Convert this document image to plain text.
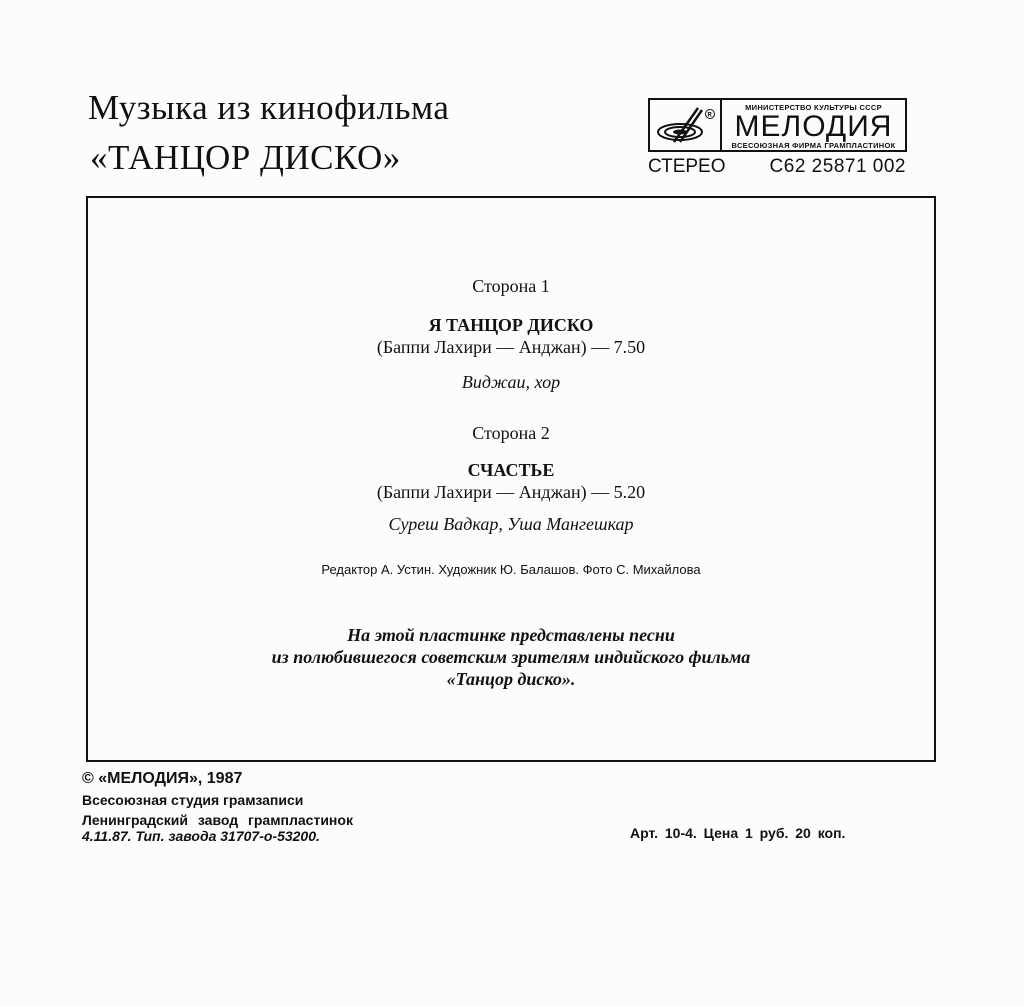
Музыка из кинофильма
«ТАНЦОР ДИСКО»
R
МИНИСТЕРСТВО КУЛЬТУРЫ СССР
МЕЛОДИЯ
ВСЕСОЮЗНАЯ ФИРМА ГРАМПЛАСТИНОК
СТЕРЕО	С62 25871 002
Сторона 1
Я ТАНЦОР ДИСКО
(Баппи Лахири — Анджан) — 7.50
Виджаи, хор
Сторона 2
СЧАСТЬЕ
(Баппи Лахири — Анджан) — 5.20
Суреш Вадкар, Уша Мангешкар
Редактор А. Устин. Художник Ю. Балашов. Фото С. Михайлова
На этой пластинке представлены песни
из полюбившегося советским зрителям индийского фильма
«Танцор диско».
© «МЕЛОДИЯ», 1987
Всесоюзная студия грамзаписи
Ленинградский завод грампластинок
4.11.87. Тип. завода 31707-о-53200.	Арт. 10-4. Цена 1 руб. 20 коп.
